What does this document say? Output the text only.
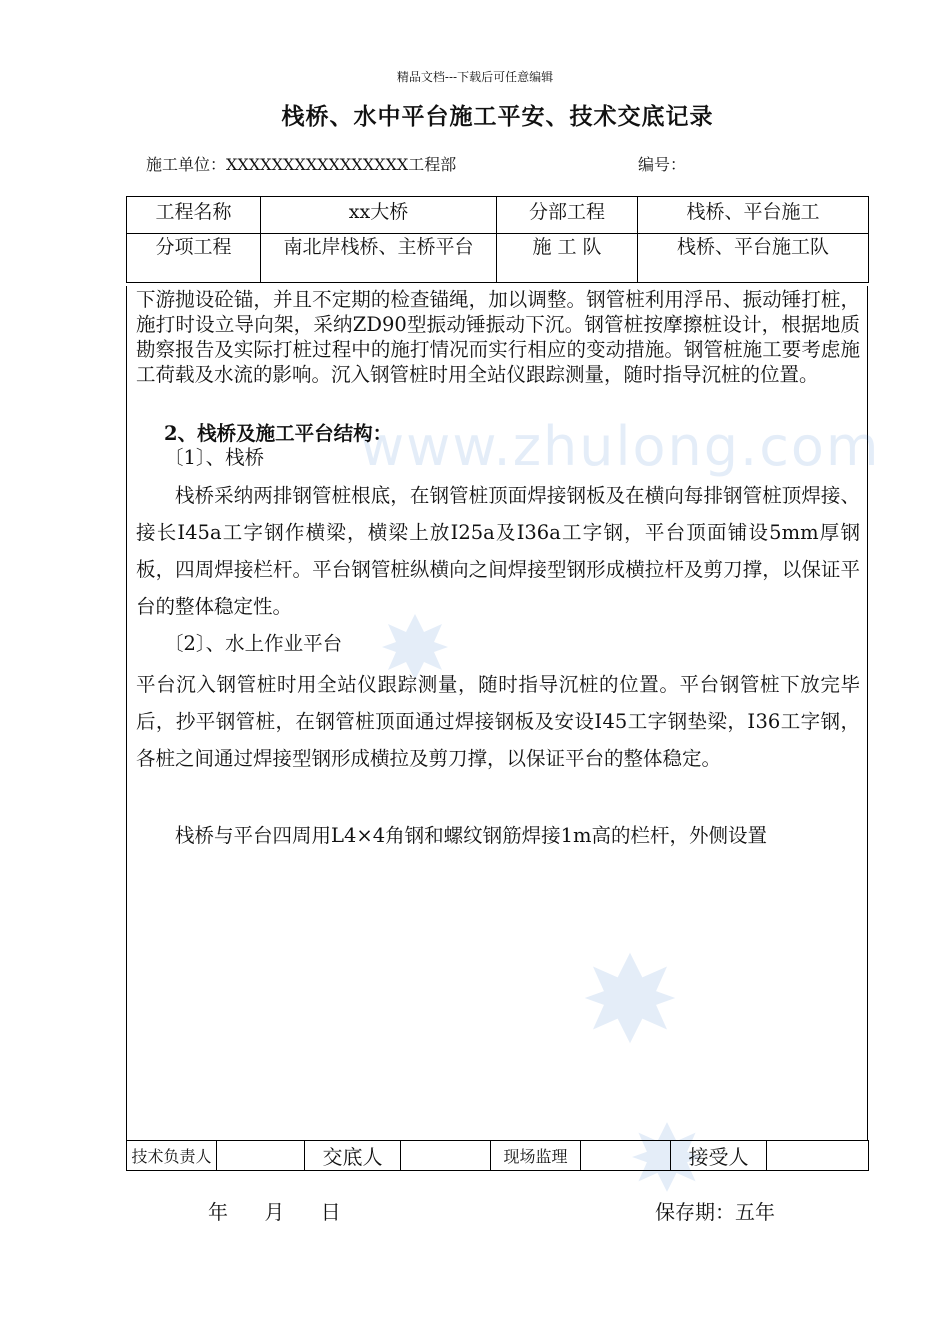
精品文档---下载后可任意编辑
栈桥、水中平台施工平安、技术交底记录
施工单位：XXXXXXXXXXXXXXXX工程部	编号：
工程名称	xx大桥	分部工程	栈桥、平台施工
分项工程	南北岸栈桥、主桥平台	施 工 队	栈桥、平台施工队
www.zhulong.com
下游抛设砼锚，并且不定期的检查锚绳，加以调整。钢管桩利用浮吊、振动锤打桩，施打时设立导向架，采纳ZD90型振动锤振动下沉。钢管桩按摩擦桩设计，根据地质勘察报告及实际打桩过程中的施打情况而实行相应的变动措施。钢管桩施工要考虑施工荷载及水流的影响。沉入钢管桩时用全站仪跟踪测量，随时指导沉桩的位置。
2、栈桥及施工平台结构：
〔1〕、栈桥
栈桥采纳两排钢管桩根底，在钢管桩顶面焊接钢板及在横向每排钢管桩顶焊接、接长I45a工字钢作横梁，横梁上放I25a及I36a工字钢，平台顶面铺设5mm厚钢板，四周焊接栏杆。平台钢管桩纵横向之间焊接型钢形成横拉杆及剪刀撑，以保证平台的整体稳定性。
〔2〕、水上作业平台
平台沉入钢管桩时用全站仪跟踪测量，随时指导沉桩的位置。平台钢管桩下放完毕后，抄平钢管桩，在钢管桩顶面通过焊接钢板及安设Ⅰ45工字钢垫梁，Ⅰ36工字钢，各桩之间通过焊接型钢形成横拉及剪刀撑，以保证平台的整体稳定。
栈桥与平台四周用L4×4角钢和螺纹钢筋焊接1m高的栏杆，外侧设置
技术负责人		交底人		现场监理		接受人	
年 月 日	保存期：五年
